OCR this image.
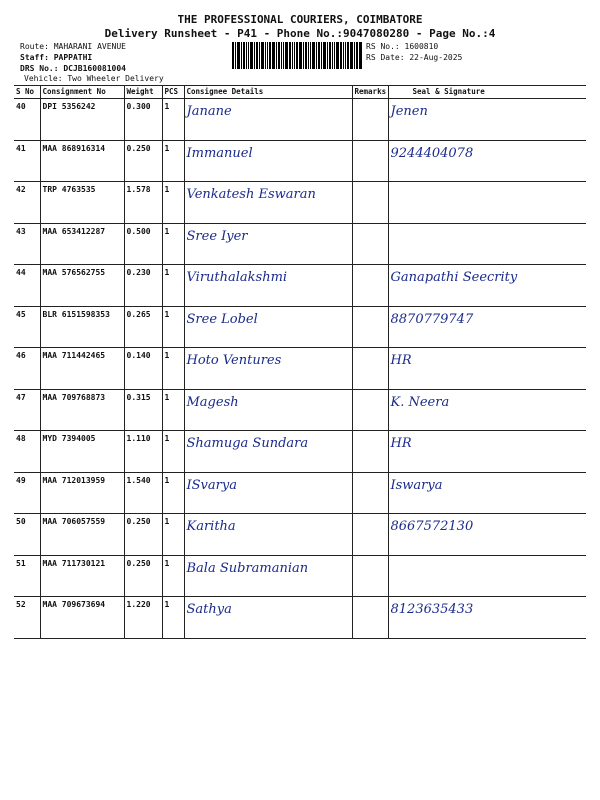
THE PROFESSIONAL COURIERS, COIMBATORE
Delivery Runsheet - P41 - Phone No.:9047080280 - Page No.:4
Route: MAHARANI AVENUE
Staff: PAPPATHI
DRS No.: DCJB160081004
Vehicle: Two Wheeler Delivery
RS No.: 1600810
RS Date: 22-Aug-2025
S No	Consignment No	Weight	PCS	Consignee Details	Remarks	Seal & Signature
40	DPI 5356242	0.300	1	Janane		Jenen
41	MAA 868916314	0.250	1	Immanuel		9244404078
42	TRP 4763535	1.578	1	Venkatesh Eswaran		
43	MAA 653412287	0.500	1	Sree Iyer		
44	MAA 576562755	0.230	1	Viruthalakshmi		Ganapathi Seecrity
45	BLR 6151598353	0.265	1	Sree Lobel		8870779747
46	MAA 711442465	0.140	1	Hoto Ventures		HR
47	MAA 709768873	0.315	1	Magesh		K. Neera
48	MYD 7394005	1.110	1	Shamuga Sundara		HR
49	MAA 712013959	1.540	1	ISvarya		Iswarya
50	MAA 706057559	0.250	1	Karitha		8667572130
51	MAA 711730121	0.250	1	Bala Subramanian		
52	MAA 709673694	1.220	1	Sathya		8123635433
